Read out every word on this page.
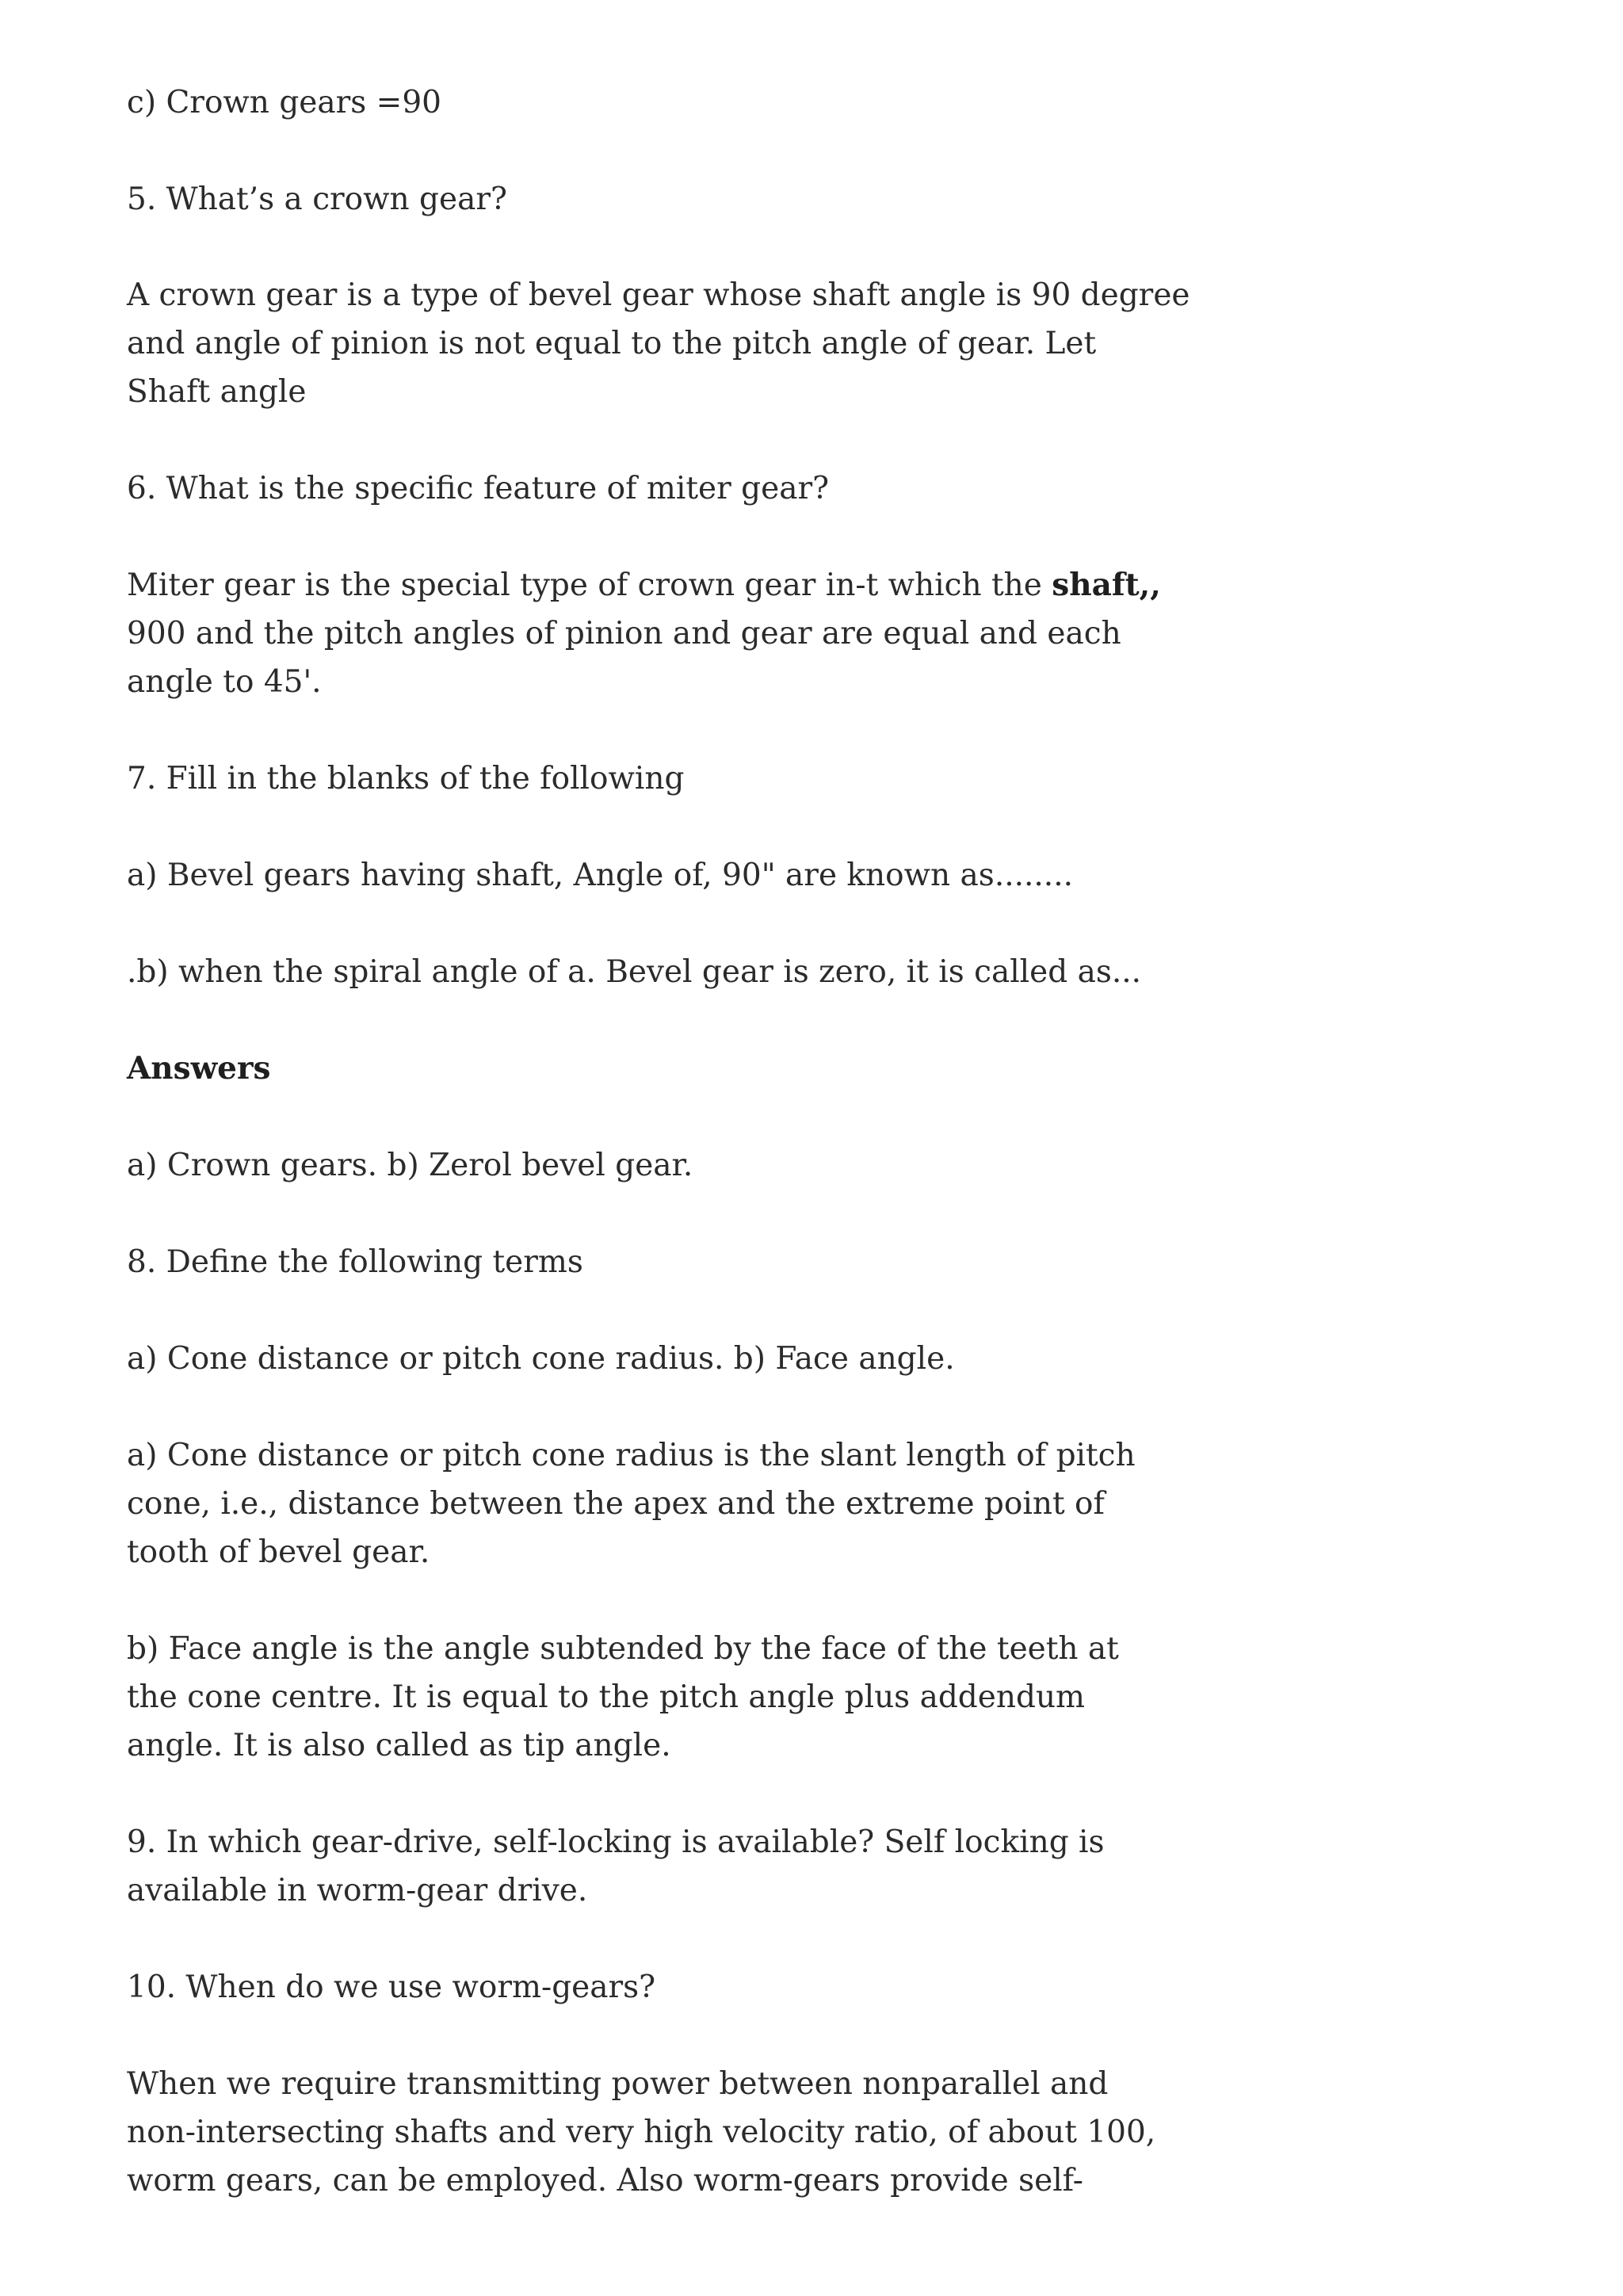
c) Crown gears =90

5. What’s a crown gear?

A crown gear is a type of bevel gear whose shaft angle is 90 degree
and angle of pinion is not equal to the pitch angle of gear. Let
Shaft angle

6. What is the specific feature of miter gear?

Miter gear is the special type of crown gear in-t which the shaft,,
900 and the pitch angles of pinion and gear are equal and each
angle to 45'.

7. Fill in the blanks of the following

a) Bevel gears having shaft, Angle of, 90" are known as........

.b) when the spiral angle of a. Bevel gear is zero, it is called as...

Answers

a) Crown gears. b) Zerol bevel gear.

8. Define the following terms

a) Cone distance or pitch cone radius. b) Face angle.

a) Cone distance or pitch cone radius is the slant length of pitch
cone, i.e., distance between the apex and the extreme point of
tooth of bevel gear.

b) Face angle is the angle subtended by the face of the teeth at
the cone centre. It is equal to the pitch angle plus addendum
angle. It is also called as tip angle.

9. In which gear-drive, self-locking is available? Self locking is
available in worm-gear drive.

10. When do we use worm-gears?

When we require transmitting power between nonparallel and
non-intersecting shafts and very high velocity ratio, of about 100,
worm gears, can be employed. Also worm-gears provide self-
